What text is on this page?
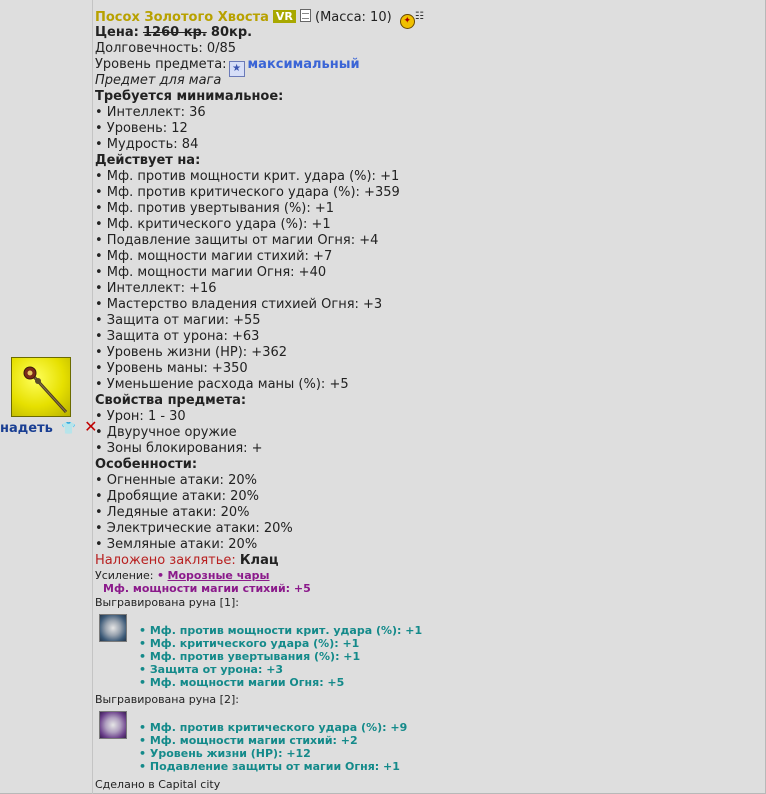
надеть 👕 ✕
Посох Золотого Хвоста VR (Масса: 10) ✦ ☷
Цена: 1260 кр. 80кр.
Долговечность: 0/85
Уровень предмета: ★ максимальный
Предмет для мага
Требуется минимальное:
• Интеллект: 36
• Уровень: 12
• Мудрость: 84
Действует на:
• Мф. против мощности крит. удара (%): +1
• Мф. против критического удара (%): +359
• Мф. против увертывания (%): +1
• Мф. критического удара (%): +1
• Подавление защиты от магии Огня: +4
• Мф. мощности магии стихий: +7
• Мф. мощности магии Огня: +40
• Интеллект: +16
• Мастерство владения стихией Огня: +3
• Защита от магии: +55
• Защита от урона: +63
• Уровень жизни (HP): +362
• Уровень маны: +350
• Уменьшение расхода маны (%): +5
Свойства предмета:
• Урон: 1 - 30
• Двуручное оружие
• Зоны блокирования: +
Особенности:
• Огненные атаки: 20%
• Дробящие атаки: 20%
• Ледяные атаки: 20%
• Электрические атаки: 20%
• Земляные атаки: 20%
Наложено заклятье: Клац
Усиление: • Морозные чары
Мф. мощности магии стихий: +5
Выгравирована руна [1]:
• Мф. против мощности крит. удара (%): +1
• Мф. критического удара (%): +1
• Мф. против увертывания (%): +1
• Защита от урона: +3
• Мф. мощности магии Огня: +5
Выгравирована руна [2]:
• Мф. против критического удара (%): +9
• Мф. мощности магии стихий: +2
• Уровень жизни (HP): +12
• Подавление защиты от магии Огня: +1
Сделано в Capital city
